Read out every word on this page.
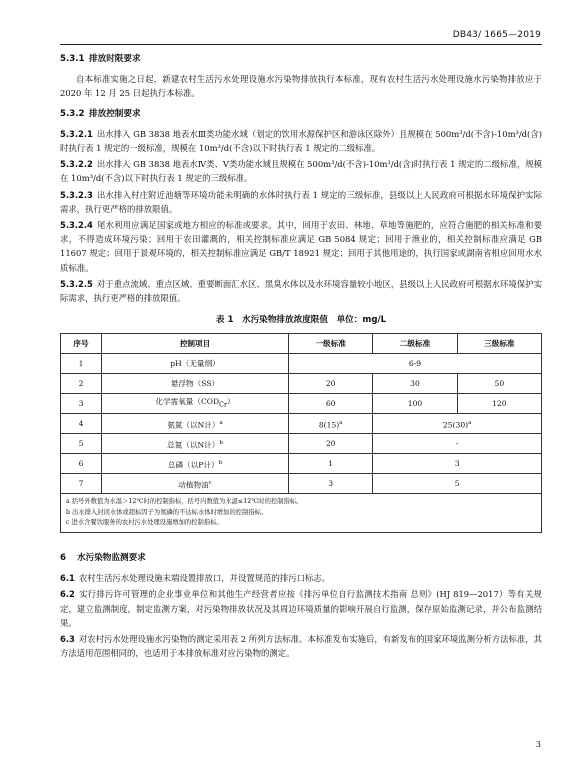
DB43/ 1665—2019
5.3.1 排放时限要求
自本标准实施之日起，新建农村生活污水处理设施水污染物排放执行本标准，现有农村生活污水处理设施水污染物排放应于 2020 年 12 月 25 日起执行本标准。
5.3.2 排放控制要求
5.3.2.1 出水排入 GB 3838 地表水Ⅲ类功能水域（划定的饮用水源保护区和游泳区除外）且规模在 500m³/d(不含)-10m³/d(含)时执行表 1 规定的一级标准，规模在 10m³/d(不含)以下时执行表 1 规定的二级标准。
5.3.2.2 出水排入 GB 3838 地表水Ⅳ类、Ⅴ类功能水域且规模在 500m³/d(不含)-10m³/d(含)时执行表 1 规定的二级标准，规模在 10m³/d(不含)以下时执行表 1 规定的三级标准。
5.3.2.3 出水排入村庄附近池塘等环境功能未明确的水体时执行表 1 规定的三级标准，县级以上人民政府可根据水环境保护实际需求，执行更严格的排放限值。
5.3.2.4 尾水利用应满足国家或地方相应的标准或要求。其中，回用于农田、林地、草地等施肥的，应符合施肥的相关标准和要求，不得造成环境污染；回用于农田灌溉的，相关控制标准应满足 GB 5084 规定；回用于渔业的，相关控制标准应满足 GB 11607 规定；回用于景观环境的，相关控制标准应满足 GB/T 18921 规定；回用于其他用途的，执行国家或湖南省相应回用水水质标准。
5.3.2.5 对于重点流域、重点区域、重要断面汇水区、黑臭水体以及水环境容量较小地区，县级以上人民政府可根据水环境保护实际需求，执行更严格的排放限值。
表 1　水污染物排放浓度限值　单位：mg/L
序号	控制项目	一级标准	二级标准	三级标准
1	pH（无量纲）	6-9		
2	悬浮物（SS）	20	30	50
3	化学需氧量$(COD_{Cr})$	60	100	120
4	氨氮（以N计）$^a$	$8(15)^a$	$25(30)^a$
5	总氮（以N计）$^b$	20	-	
6	总磷（以P计）$^b$	1	3	
7	动植物油$^c$	3	5	
a 括号外数值为水温＞12℃时的控制指标，括号内数值为水温≤12℃时的控制指标。
b 出水排入封闭水体或超标因子为氮磷的不达标水体时增加的控制指标。
c 进水含餐饮服务的农村污水处理设施增加的控制指标。
6 水污染物监测要求
6.1 农村生活污水处理设施末端设置排放口，并设置规范的排污口标志。
6.2 实行排污许可管理的企业事业单位和其他生产经营者应按《排污单位自行监测技术指南 总则》(HJ 819—2017）等有关规定，建立监测制度，制定监测方案，对污染物排放状况及其周边环境质量的影响开展自行监测，保存原始监测记录，并公布监测结果。
6.3 对农村污水处理设施水污染物的测定采用表 2 所列方法标准。本标准发布实施后，有新发布的国家环境监测分析方法标准，其方法适用范围相同的，也适用于本排放标准对应污染物的测定。
3
